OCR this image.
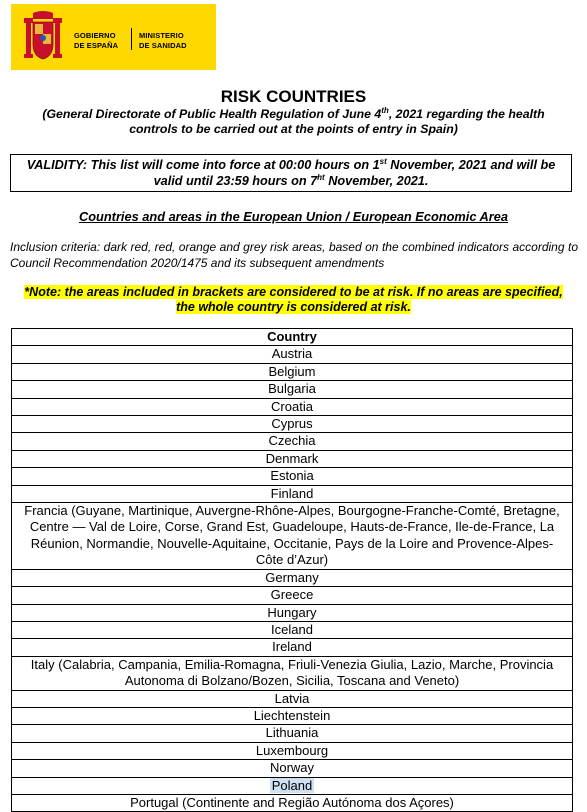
GOBIERNO
DE ESPAÑA
MINISTERIO
DE SANIDAD
RISK COUNTRIES
(General Directorate of Public Health Regulation of June 4th, 2021 regarding the health controls to be carried out at the points of entry in Spain)
VALIDITY: This list will come into force at 00:00 hours on 1st November, 2021 and will be valid until 23:59 hours on $7^{ht}$ November, 2021.
Countries and areas in the European Union / European Economic Area
Inclusion criteria: dark red, red, orange and grey risk areas, based on the combined indicators according to Council Recommendation 2020/1475 and its subsequent amendments
*Note: the areas included in brackets are considered to be at risk. If no areas are specified,
the whole country is considered at risk.
Country
Austria
Belgium
Bulgaria
Croatia
Cyprus
Czechia
Denmark
Estonia
Finland
Francia (Guyane, Martinique, Auvergne-Rhône-Alpes, Bourgogne-Franche-Comté, Bretagne, Centre — Val de Loire, Corse, Grand Est, Guadeloupe, Hauts-de-France, Ile-de-France, La Réunion, Normandie, Nouvelle-Aquitaine, Occitanie, Pays de la Loire and Provence-Alpes-Côte d’Azur)
Germany
Greece
Hungary
Iceland
Ireland
Italy (Calabria, Campania, Emilia-Romagna, Friuli-Venezia Giulia, Lazio, Marche, Provincia Autonoma di Bolzano/Bozen, Sicilia, Toscana and Veneto)
Latvia
Liechtenstein
Lithuania
Luxembourg
Norway
Poland
Portugal (Continente and Região Autónoma dos Açores)
